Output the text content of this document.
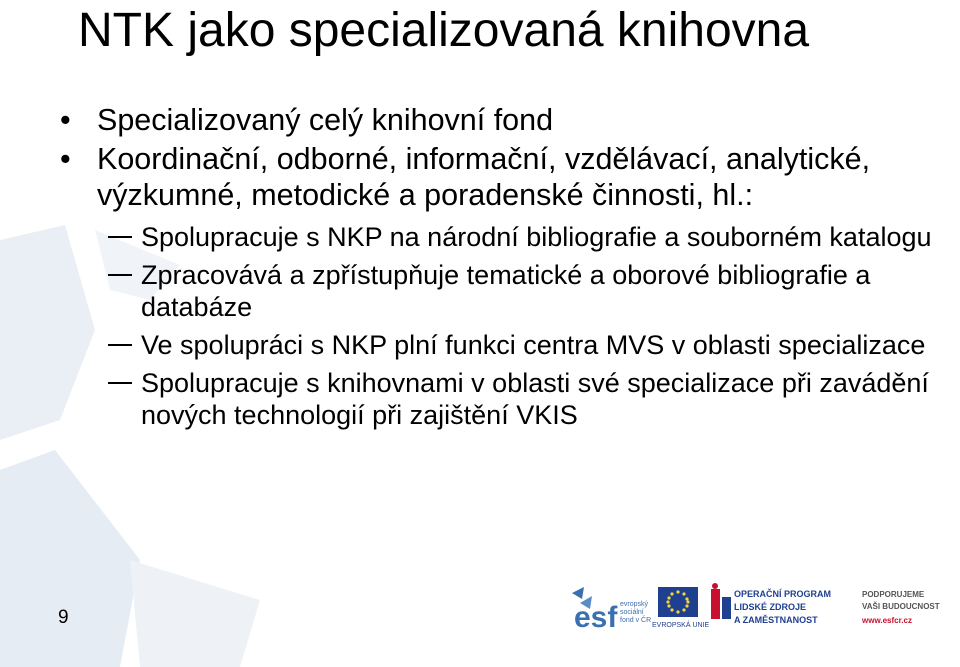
NTK jako specializovaná knihovna
• Specializovaný celý knihovní fond
• Koordinační, odborné, informační, vzdělávací, analytické, výzkumné, metodické a poradenské činnosti, hl.:
Spolupracuje s NKP na národní bibliografie a souborném katalogu
Zpracovává a zpřístupňuje tematické a oborové bibliografie a databáze
Ve spolupráci s NKP plní funkci centra MVS v oblasti specializace
Spolupracuje s knihovnami v oblasti své specializace při zavádění nových technologií při zajištění VKIS
9	esf evropský
sociální
fond v ČR
EVROPSKÁ UNIE
OPERAČNÍ PROGRAM
LIDSKÉ ZDROJE
A ZAMĚSTNANOST
PODPORUJEME
VAŠI BUDOUCNOST
www.esfcr.cz
